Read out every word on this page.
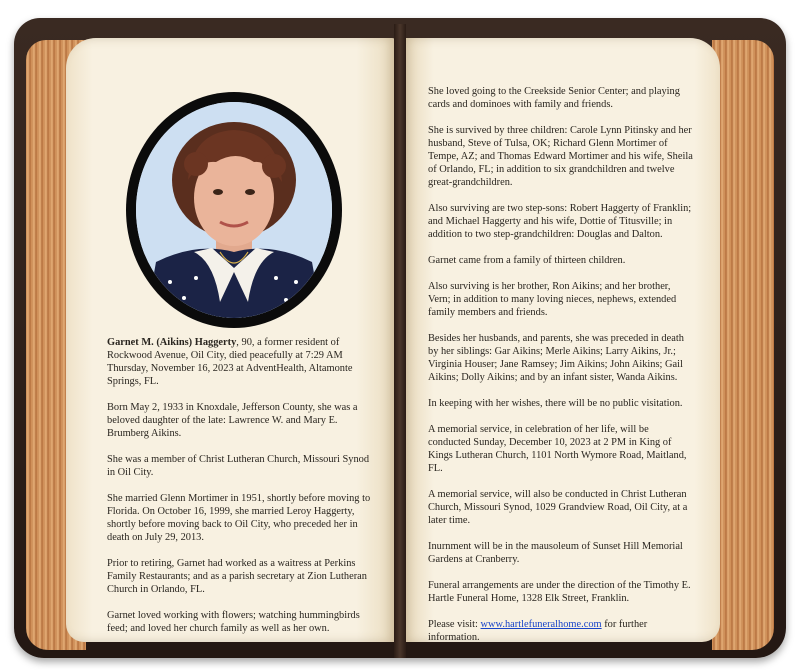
Garnet M. (Aikins) Haggerty, 90, a former resident of Rockwood Avenue, Oil City, died peacefully at 7:29 AM Thursday, November 16, 2023 at AdventHealth, Altamonte Springs, FL.

Born May 2, 1933 in Knoxdale, Jefferson County, she was a beloved daughter of the late: Lawrence W. and Mary E. Brumberg Aikins.

She was a member of Christ Lutheran Church, Missouri Synod in Oil City.

She married Glenn Mortimer in 1951, shortly before moving to Florida. On October 16, 1999, she married Leroy Haggerty, shortly before moving back to Oil City, who preceded her in death on July 29, 2013.

Prior to retiring, Garnet had worked as a waitress at Perkins Family Restaurants; and as a parish secretary at Zion Lutheran Church in Orlando, FL.

Garnet loved working with flowers; watching hummingbirds feed; and loved her church family as well as her own.

She loved going to the Creekside Senior Center; and playing cards and dominoes with family and friends.

She is survived by three children: Carole Lynn Pitinsky and her husband, Steve of Tulsa, OK; Richard Glenn Mortimer of Tempe, AZ; and Thomas Edward Mortimer and his wife, Sheila of Orlando, FL; in addition to six grandchildren and twelve great-grandchildren.

Also surviving are two step-sons: Robert Haggerty of Franklin; and Michael Haggerty and his wife, Dottie of Titusville; in addition to two step-grandchildren: Douglas and Dalton.

Garnet came from a family of thirteen children.

Also surviving is her brother, Ron Aikins; and her brother, Vern; in addition to many loving nieces, nephews, extended family members and friends.

Besides her husbands, and parents, she was preceded in death by her siblings: Gar Aikins; Merle Aikins; Larry Aikins, Jr.; Virginia Houser; Jane Ramsey; Jim Aikins; John Aikins; Gail Aikins; Dolly Aikins; and by an infant sister, Wanda Aikins.

In keeping with her wishes, there will be no public visitation.

A memorial service, in celebration of her life, will be conducted Sunday, December 10, 2023 at 2 PM in King of Kings Lutheran Church, 1101 North Wymore Road, Maitland, FL.

A memorial service, will also be conducted in Christ Lutheran Church, Missouri Synod, 1029 Grandview Road, Oil City, at a later time.

Inurnment will be in the mausoleum of Sunset Hill Memorial Gardens at Cranberry.

Funeral arrangements are under the direction of the Timothy E. Hartle Funeral Home, 1328 Elk Street, Franklin.

Please visit: www.hartlefuneralhome.com for further information.
